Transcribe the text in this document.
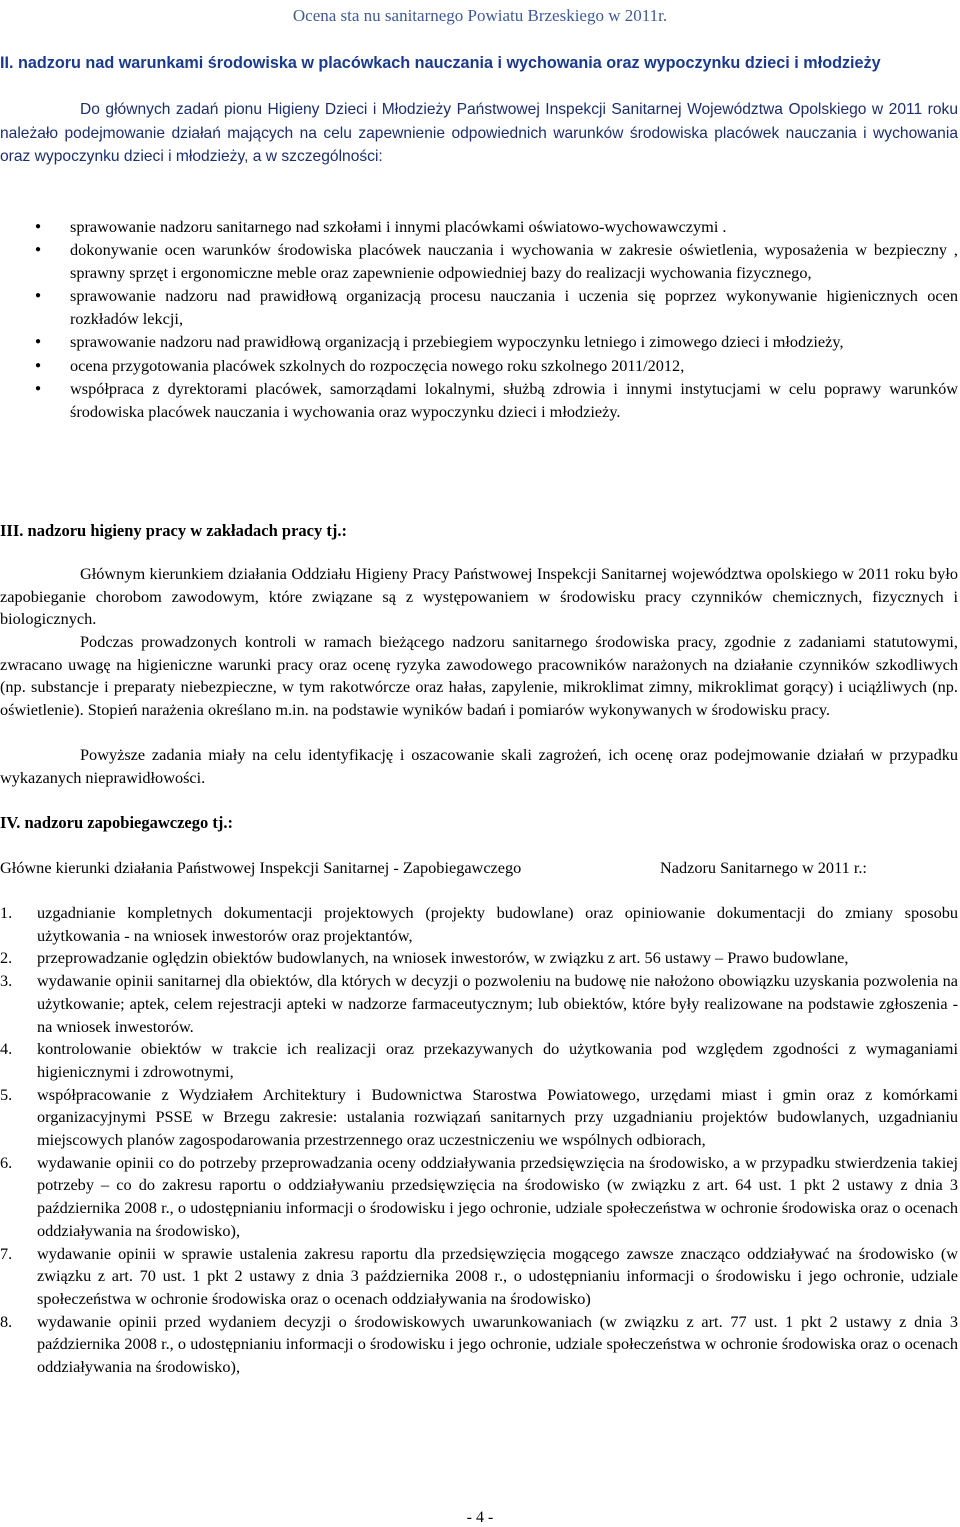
Ocena sta nu sanitarnego Powiatu Brzeskiego w 2011r.
II. nadzoru nad warunkami środowiska w placówkach nauczania i wychowania oraz wypoczynku dzieci i młodzieży
Do głównych zadań pionu Higieny Dzieci i Młodzieży Państwowej Inspekcji Sanitarnej Województwa Opolskiego w 2011 roku należało podejmowanie działań mających na celu zapewnienie odpowiednich warunków środowiska placówek nauczania i wychowania oraz wypoczynku dzieci i młodzieży, a w szczególności:
● sprawowanie nadzoru sanitarnego nad szkołami i innymi placówkami oświatowo-wychowawczymi .
● dokonywanie ocen warunków środowiska placówek nauczania i wychowania w zakresie oświetlenia, wyposażenia w bezpieczny , sprawny sprzęt i ergonomiczne meble oraz zapewnienie odpowiedniej bazy do realizacji wychowania fizycznego,
● sprawowanie nadzoru nad prawidłową organizacją procesu nauczania i uczenia się poprzez wykonywanie higienicznych ocen rozkładów lekcji,
● sprawowanie nadzoru nad prawidłową organizacją i przebiegiem wypoczynku letniego i zimowego dzieci i młodzieży,
● ocena przygotowania placówek szkolnych do rozpoczęcia nowego roku szkolnego 2011/2012,
● współpraca z dyrektorami placówek, samorządami lokalnymi, służbą zdrowia i innymi instytucjami w celu poprawy warunków środowiska placówek nauczania i wychowania oraz wypoczynku dzieci i młodzieży.
III. nadzoru higieny pracy w zakładach pracy tj.:
Głównym kierunkiem działania Oddziału Higieny Pracy Państwowej Inspekcji Sanitarnej województwa opolskiego w 2011 roku było zapobieganie chorobom zawodowym, które związane są z występowaniem w środowisku pracy czynników chemicznych, fizycznych i biologicznych.
Podczas prowadzonych kontroli w ramach bieżącego nadzoru sanitarnego środowiska pracy, zgodnie z zadaniami statutowymi, zwracano uwagę na higieniczne warunki pracy oraz ocenę ryzyka zawodowego pracowników narażonych na działanie czynników szkodliwych (np. substancje i preparaty niebezpieczne, w tym rakotwórcze oraz hałas, zapylenie, mikroklimat zimny, mikroklimat gorący) i uciążliwych (np. oświetlenie). Stopień narażenia określano m.in. na podstawie wyników badań i pomiarów wykonywanych w środowisku pracy.
Powyższe zadania miały na celu identyfikację i oszacowanie skali zagrożeń, ich ocenę oraz podejmowanie działań w przypadku wykazanych nieprawidłowości.
IV. nadzoru zapobiegawczego tj.:
Główne kierunki działania Państwowej Inspekcji Sanitarnej - Zapobiegawczego	Nadzoru Sanitarnego w 2011 r.:
1. uzgadnianie kompletnych dokumentacji projektowych (projekty budowlane) oraz opiniowanie dokumentacji do zmiany sposobu użytkowania - na wniosek inwestorów oraz projektantów,
2. przeprowadzanie oględzin obiektów budowlanych, na wniosek inwestorów, w związku z art. 56 ustawy – Prawo budowlane,
3. wydawanie opinii sanitarnej dla obiektów, dla których w decyzji o pozwoleniu na budowę nie nałożono obowiązku uzyskania pozwolenia na użytkowanie; aptek, celem rejestracji apteki w nadzorze farmaceutycznym; lub obiektów, które były realizowane na podstawie zgłoszenia - na wniosek inwestorów.
4. kontrolowanie obiektów w trakcie ich realizacji oraz przekazywanych do użytkowania pod względem zgodności z wymaganiami higienicznymi i zdrowotnymi,
5. współpracowanie z Wydziałem Architektury i Budownictwa Starostwa Powiatowego, urzędami miast i gmin oraz z komórkami organizacyjnymi PSSE w Brzegu zakresie: ustalania rozwiązań sanitarnych przy uzgadnianiu projektów budowlanych, uzgadnianiu miejscowych planów zagospodarowania przestrzennego oraz uczestniczeniu we wspólnych odbiorach,
6. wydawanie opinii co do potrzeby przeprowadzania oceny oddziaływania przedsięwzięcia na środowisko, a w przypadku stwierdzenia takiej potrzeby – co do zakresu raportu o oddziaływaniu przedsięwzięcia na środowisko (w związku z art. 64 ust. 1 pkt 2 ustawy z dnia 3 października 2008 r., o udostępnianiu informacji o środowisku i jego ochronie, udziale społeczeństwa w ochronie środowiska oraz o ocenach oddziaływania na środowisko),
7. wydawanie opinii w sprawie ustalenia zakresu raportu dla przedsięwzięcia mogącego zawsze znacząco oddziaływać na środowisko (w związku z art. 70 ust. 1 pkt 2 ustawy z dnia 3 października 2008 r., o udostępnianiu informacji o środowisku i jego ochronie, udziale społeczeństwa w ochronie środowiska oraz o ocenach oddziaływania na środowisko)
8. wydawanie opinii przed wydaniem decyzji o środowiskowych uwarunkowaniach (w związku z art. 77 ust. 1 pkt 2 ustawy z dnia 3 października 2008 r., o udostępnianiu informacji o środowisku i jego ochronie, udziale społeczeństwa w ochronie środowiska oraz o ocenach oddziaływania na środowisko),
- 4 -
